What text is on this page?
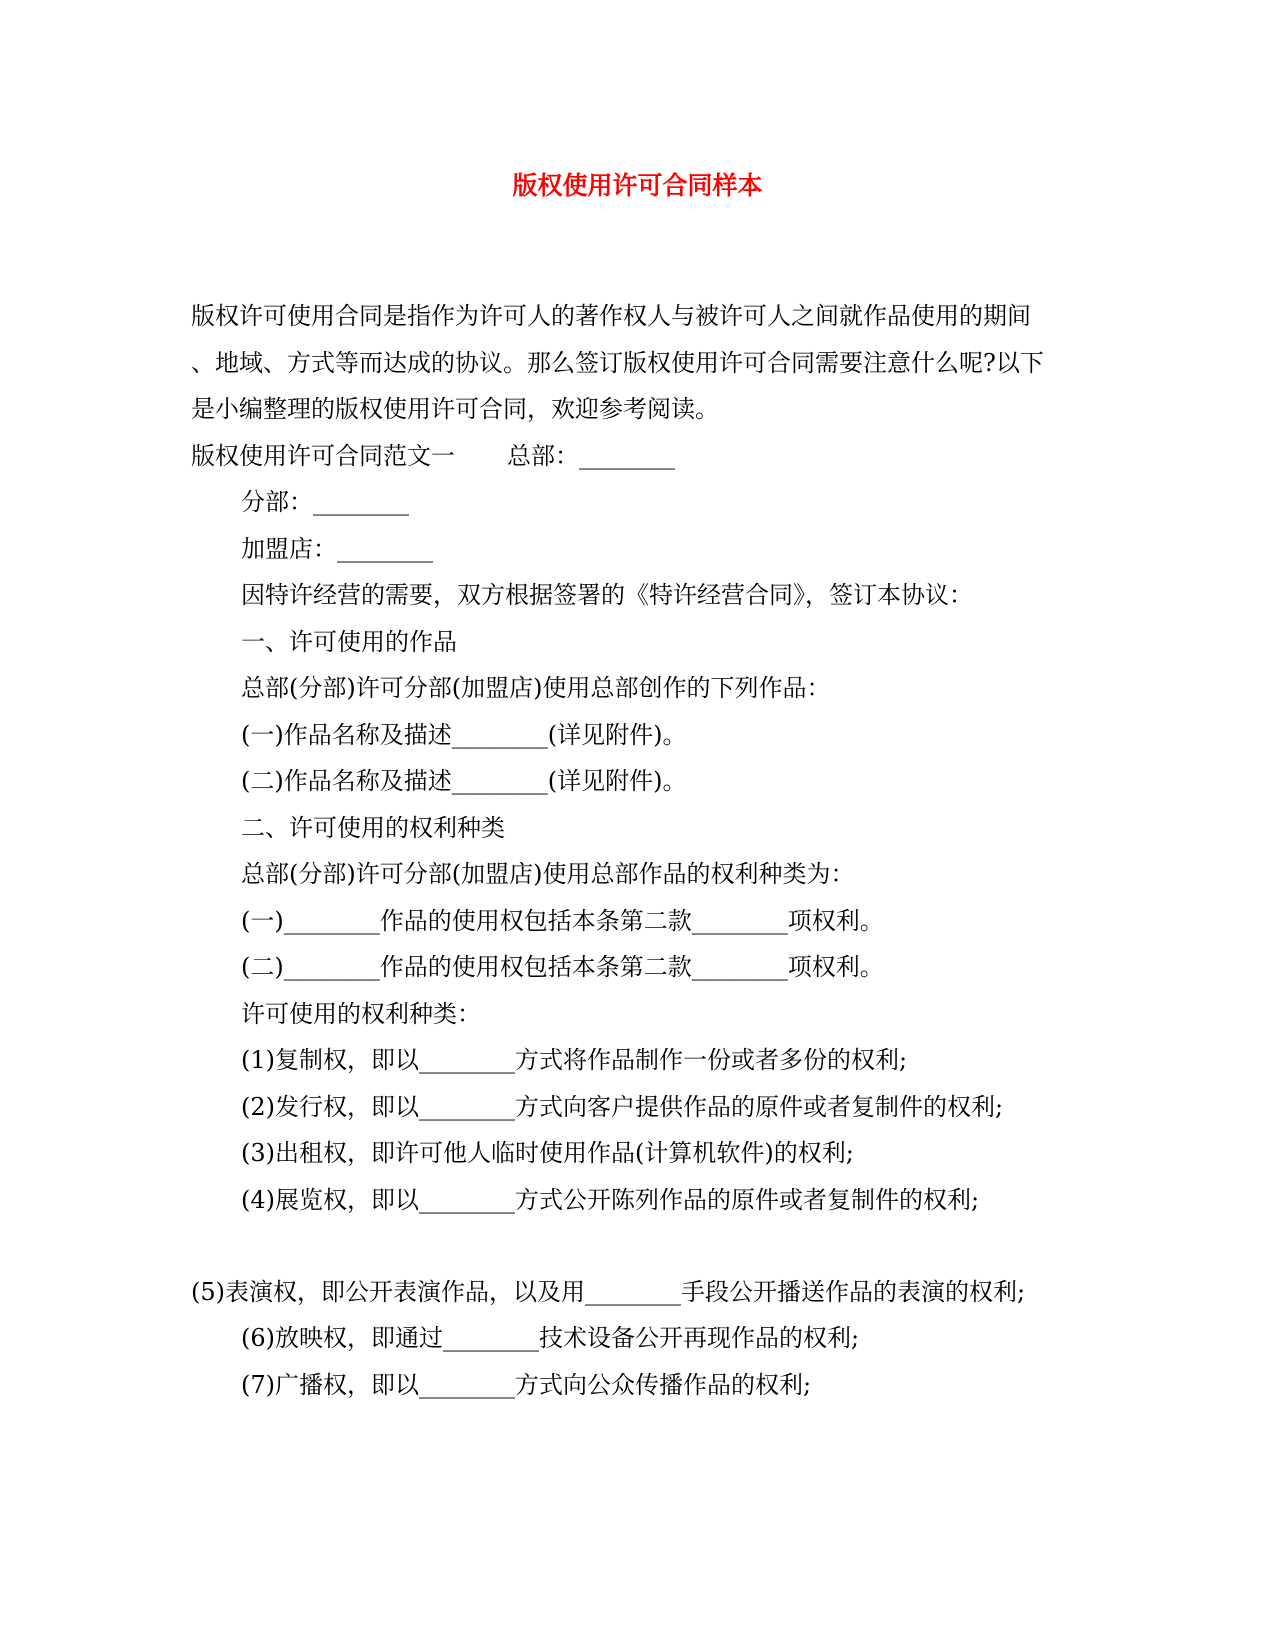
版权使用许可合同样本

版权许可使用合同是指作为许可人的著作权人与被许可人之间就作品使用的期间

、地域、方式等而达成的协议。那么签订版权使用许可合同需要注意什么呢?以下

是小编整理的版权使用许可合同，欢迎参考阅读。

版权使用许可合同范文一 总部：________

分部：________

加盟店：________

因特许经营的需要，双方根据签署的《特许经营合同》，签订本协议：

一、许可使用的作品

总部(分部)许可分部(加盟店)使用总部创作的下列作品：

(一)作品名称及描述________(详见附件)。

(二)作品名称及描述________(详见附件)。

二、许可使用的权利种类

总部(分部)许可分部(加盟店)使用总部作品的权利种类为：

(一)________作品的使用权包括本条第二款________项权利。

(二)________作品的使用权包括本条第二款________项权利。

许可使用的权利种类：

(1)复制权，即以________方式将作品制作一份或者多份的权利;

(2)发行权，即以________方式向客户提供作品的原件或者复制件的权利;

(3)出租权，即许可他人临时使用作品(计算机软件)的权利;

(4)展览权，即以________方式公开陈列作品的原件或者复制件的权利;

(5)表演权，即公开表演作品，以及用________手段公开播送作品的表演的权利;

(6)放映权，即通过________技术设备公开再现作品的权利;

(7)广播权，即以________方式向公众传播作品的权利;
